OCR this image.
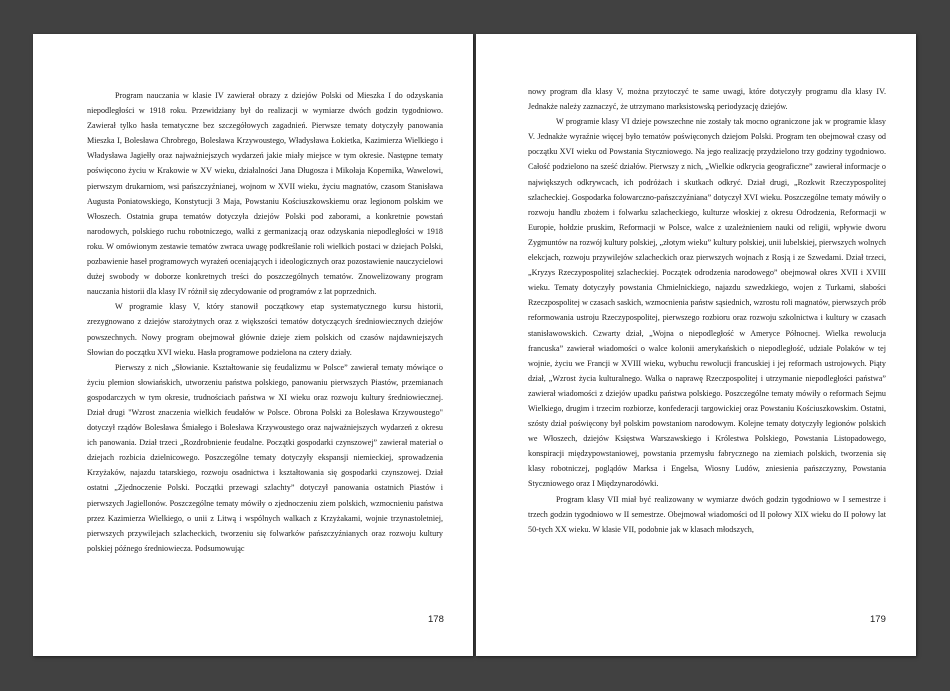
Program nauczania w klasie IV zawierał obrazy z dziejów Polski od Mieszka I do odzyskania niepodległości w 1918 roku. Przewidziany był do realizacji w wymiarze dwóch godzin tygodniowo. Zawierał tylko hasła tematyczne bez szczegółowych zagadnień. Pierwsze tematy dotyczyły panowania Mieszka I, Bolesława Chrobrego, Bolesława Krzywoustego, Władysława Łokietka, Kazimierza Wielkiego i Władysława Jagiełły oraz najważniejszych wydarzeń jakie miały miejsce w tym okresie. Następne tematy poświęcono życiu w Krakowie w XV wieku, działalności Jana Długosza i Mikołaja Kopernika, Wawelowi, pierwszym drukarniom, wsi pańszczyźnianej, wojnom w XVII wieku, życiu magnatów, czasom Stanisława Augusta Poniatowskiego, Konstytucji 3 Maja, Powstaniu Kościuszkowskiemu oraz legionom polskim we Włoszech. Ostatnia grupa tematów dotyczyła dziejów Polski pod zaborami, a konkretnie powstań narodowych, polskiego ruchu robotniczego, walki z germanizacją oraz odzyskania niepodległości w 1918 roku. W omówionym zestawie tematów zwraca uwagę podkreślanie roli wielkich postaci w dziejach Polski, pozbawienie haseł programowych wyrażeń oceniających i ideologicznych oraz pozostawienie nauczycielowi dużej swobody w doborze konkretnych treści do poszczególnych tematów. Znowelizowany program nauczania historii dla klasy IV różnił się zdecydowanie od programów z lat poprzednich.

W programie klasy V, który stanowił początkowy etap systematycznego kursu historii, zrezygnowano z dziejów starożytnych oraz z większości tematów dotyczących średniowiecznych dziejów powszechnych. Nowy program obejmował głównie dzieje ziem polskich od czasów najdawniejszych Słowian do początku XVI wieku. Hasła programowe podzielona na cztery działy.

Pierwszy z nich „Słowianie. Kształtowanie się feudalizmu w Polsce” zawierał tematy mówiące o życiu plemion słowiańskich, utworzeniu państwa polskiego, panowaniu pierwszych Piastów, przemianach gospodarczych w tym okresie, trudnościach państwa w XI wieku oraz rozwoju kultury średniowiecznej. Dział drugi "Wzrost znaczenia wielkich feudałów w Polsce. Obrona Polski za Bolesława Krzywoustego" dotyczył rządów Bolesława Śmiałego i Bolesława Krzywoustego oraz najważniejszych wydarzeń z okresu ich panowania. Dział trzeci „Rozdrobnienie feudalne. Początki gospodarki czynszowej” zawierał materiał o dziejach rozbicia dzielnicowego. Poszczególne tematy dotyczyły ekspansji niemieckiej, sprowadzenia Krzyżaków, najazdu tatarskiego, rozwoju osadnictwa i kształtowania się gospodarki czynszowej. Dział ostatni „Zjednoczenie Polski. Początki przewagi szlachty” dotyczył panowania ostatnich Piastów i pierwszych Jagiellonów. Poszczególne tematy mówiły o zjednoczeniu ziem polskich, wzmocnieniu państwa przez Kazimierza Wielkiego, o unii z Litwą i wspólnych walkach z Krzyżakami, wojnie trzynastoletniej, pierwszych przywilejach szlacheckich, tworzeniu się folwarków pańszczyźnianych oraz rozwoju kultury polskiej późnego średniowiecza. Podsumowując

178

nowy program dla klasy V, można przytoczyć te same uwagi, które dotyczyły programu dla klasy IV. Jednakże należy zaznaczyć, że utrzymano marksistowską periodyzację dziejów.

W programie klasy VI dzieje powszechne nie zostały tak mocno ograniczone jak w programie klasy V. Jednakże wyraźnie więcej było tematów poświęconych dziejom Polski. Program ten obejmował czasy od początku XVI wieku od Powstania Styczniowego. Na jego realizację przydzielono trzy godziny tygodniowo. Całość podzielono na sześć działów. Pierwszy z nich, „Wielkie odkrycia geograficzne” zawierał informacje o największych odkrywcach, ich podróżach i skutkach odkryć. Dział drugi, „Rozkwit Rzeczypospolitej szlacheckiej. Gospodarka folowarczno-pańszczyźniana” dotyczył XVI wieku. Poszczególne tematy mówiły o rozwoju handlu zbożem i folwarku szlacheckiego, kulturze włoskiej z okresu Odrodzenia, Reformacji w Europie, hołdzie pruskim, Reformacji w Polsce, walce z uzależnieniem nauki od religii, wpływie dworu Zygmuntów na rozwój kultury polskiej, „złotym wieku” kultury polskiej, unii lubelskiej, pierwszych wolnych elekcjach, rozwoju przywilejów szlacheckich oraz pierwszych wojnach z Rosją i ze Szwedami. Dział trzeci, „Kryzys Rzeczypospolitej szlacheckiej. Początek odrodzenia narodowego” obejmował okres XVII i XVIII wieku. Tematy dotyczyły powstania Chmielnickiego, najazdu szwedzkiego, wojen z Turkami, słabości Rzeczpospolitej w czasach saskich, wzmocnienia państw sąsiednich, wzrostu roli magnatów, pierwszych prób reformowania ustroju Rzeczypospolitej, pierwszego rozbioru oraz rozwoju szkolnictwa i kultury w czasach stanisławowskich. Czwarty dział, „Wojna o niepodległość w Ameryce Północnej. Wielka rewolucja francuska” zawierał wiadomości o walce kolonii amerykańskich o niepodległość, udziale Polaków w tej wojnie, życiu we Francji w XVIII wieku, wybuchu rewolucji francuskiej i jej reformach ustrojowych. Piąty dział, „Wzrost życia kulturalnego. Walka o naprawę Rzeczpospolitej i utrzymanie niepodległości państwa” zawierał wiadomości z dziejów upadku państwa polskiego. Poszczególne tematy mówiły o reformach Sejmu Wielkiego, drugim i trzecim rozbiorze, konfederacji targowickiej oraz Powstaniu Kościuszkowskim. Ostatni, szósty dział poświęcony był polskim powstaniom narodowym. Kolejne tematy dotyczyły legionów polskich we Włoszech, dziejów Księstwa Warszawskiego i Królestwa Polskiego, Powstania Listopadowego, konspiracji międzypowstaniowej, powstania przemysłu fabrycznego na ziemiach polskich, tworzenia się klasy robotniczej, poglądów Marksa i Engelsa, Wiosny Ludów, zniesienia pańszczyzny, Powstania Styczniowego oraz I Międzynarodówki.

Program klasy VII miał być realizowany w wymiarze dwóch godzin tygodniowo w I semestrze i trzech godzin tygodniowo w II semestrze. Obejmował wiadomości od II połowy XIX wieku do II połowy lat 50-tych XX wieku. W klasie VII, podobnie jak w klasach młodszych,

179
